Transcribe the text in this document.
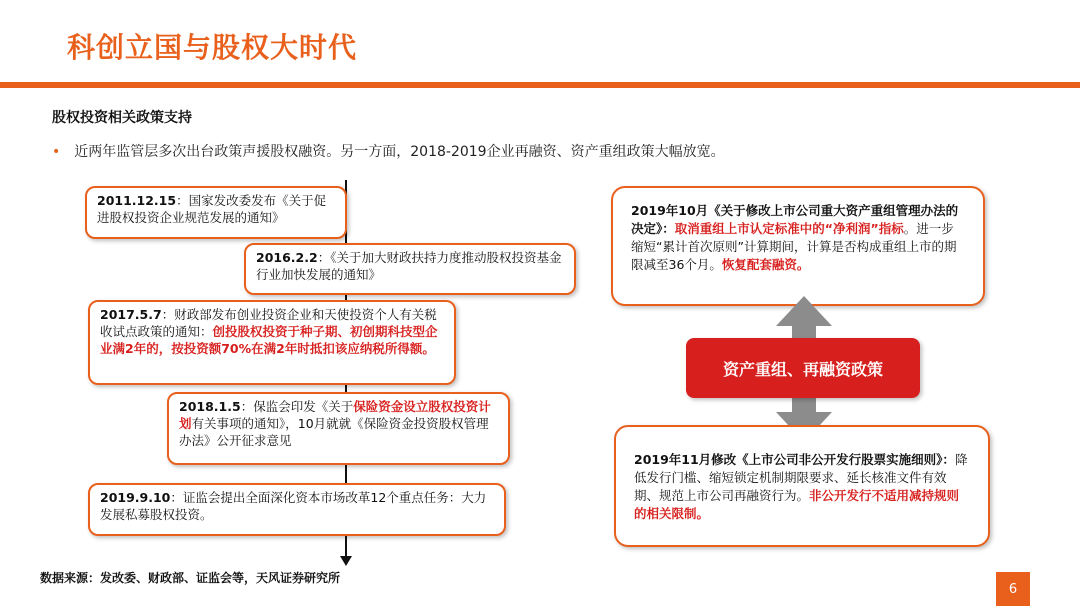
科创立国与股权大时代
股权投资相关政策支持
• 近两年监管层多次出台政策声援股权融资。另一方面，2018-2019企业再融资、资产重组政策大幅放宽。
2011.12.15：国家发改委发布《关于促进股权投资企业规范发展的通知》
2016.2.2：《关于加大财政扶持力度推动股权投资基金行业加快发展的通知》
2017.5.7：财政部发布创业投资企业和天使投资个人有关税收试点政策的通知：创投股权投资于种子期、初创期科技型企业满2年的，按投资额70%在满2年时抵扣该应纳税所得额。
2018.1.5：保监会印发《关于保险资金设立股权投资计划有关事项的通知》，10月就就《保险资金投资股权管理办法》公开征求意见
2019.9.10：证监会提出全面深化资本市场改革12个重点任务：大力发展私募股权投资。
2019年10月《关于修改上市公司重大资产重组管理办法的决定》：取消重组上市认定标准中的“净利润”指标。进一步缩短“累计首次原则”计算期间，计算是否构成重组上市的期限减至36个月。恢复配套融资。
资产重组、再融资政策
2019年11月修改《上市公司非公开发行股票实施细则》：降低发行门槛、缩短锁定机制期限要求、延长核准文件有效期、规范上市公司再融资行为。非公开发行不适用减持规则的相关限制。
数据来源：发改委、财政部、证监会等，天风证券研究所
6
